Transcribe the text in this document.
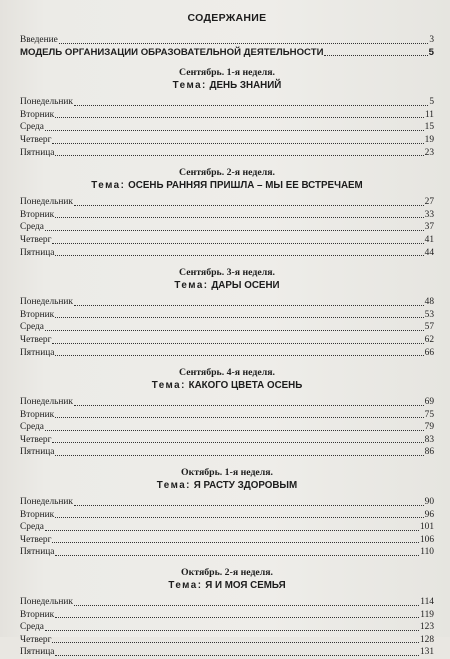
СОДЕРЖАНИЕ
Введение	3
МОДЕЛЬ ОРГАНИЗАЦИИ ОБРАЗОВАТЕЛЬНОЙ ДЕЯТЕЛЬНОСТИ	5
Сентябрь. 1-я неделя.
Тема: ДЕНЬ ЗНАНИЙ
Понедельник	5
Вторник	11
Среда	15
Четверг	19
Пятница	23
Сентябрь. 2-я неделя.
Тема: ОСЕНЬ РАННЯЯ ПРИШЛА – МЫ ЕЕ ВСТРЕЧАЕМ
Понедельник	27
Вторник	33
Среда	37
Четверг	41
Пятница	44
Сентябрь. 3-я неделя.
Тема: ДАРЫ ОСЕНИ
Понедельник	48
Вторник	53
Среда	57
Четверг	62
Пятница	66
Сентябрь. 4-я неделя.
Тема: КАКОГО ЦВЕТА ОСЕНЬ
Понедельник	69
Вторник	75
Среда	79
Четверг	83
Пятница	86
Октябрь. 1-я неделя.
Тема: Я РАСТУ ЗДОРОВЫМ
Понедельник	90
Вторник	96
Среда	101
Четверг	106
Пятница	110
Октябрь. 2-я неделя.
Тема: Я И МОЯ СЕМЬЯ
Понедельник	114
Вторник	119
Среда	123
Четверг	128
Пятница	131
